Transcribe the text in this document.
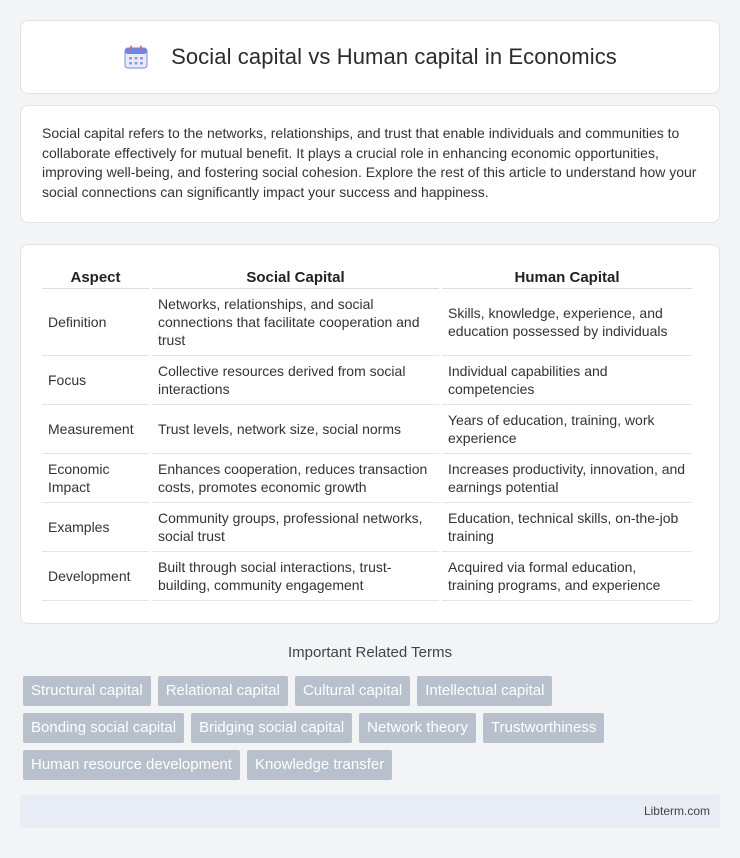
Social capital vs Human capital in Economics

Social capital refers to the networks, relationships, and trust that enable individuals and communities to collaborate effectively for mutual benefit. It plays a crucial role in enhancing economic opportunities, improving well-being, and fostering social cohesion. Explore the rest of this article to understand how your social connections can significantly impact your success and happiness.

Aspect	Social Capital	Human Capital
Definition	Networks, relationships, and social connections that facilitate cooperation and trust	Skills, knowledge, experience, and education possessed by individuals
Focus	Collective resources derived from social interactions	Individual capabilities and competencies
Measurement	Trust levels, network size, social norms	Years of education, training, work experience
Economic Impact	Enhances cooperation, reduces transaction costs, promotes economic growth	Increases productivity, innovation, and earnings potential
Examples	Community groups, professional networks, social trust	Education, technical skills, on-the-job training
Development	Built through social interactions, trust-building, community engagement	Acquired via formal education, training programs, and experience
Important Related Terms
Structural capital	Relational capital	Cultural capital	Intellectual capital
Bonding social capital	Bridging social capital	Network theory	Trustworthiness
Human resource development	Knowledge transfer
Libterm.com
